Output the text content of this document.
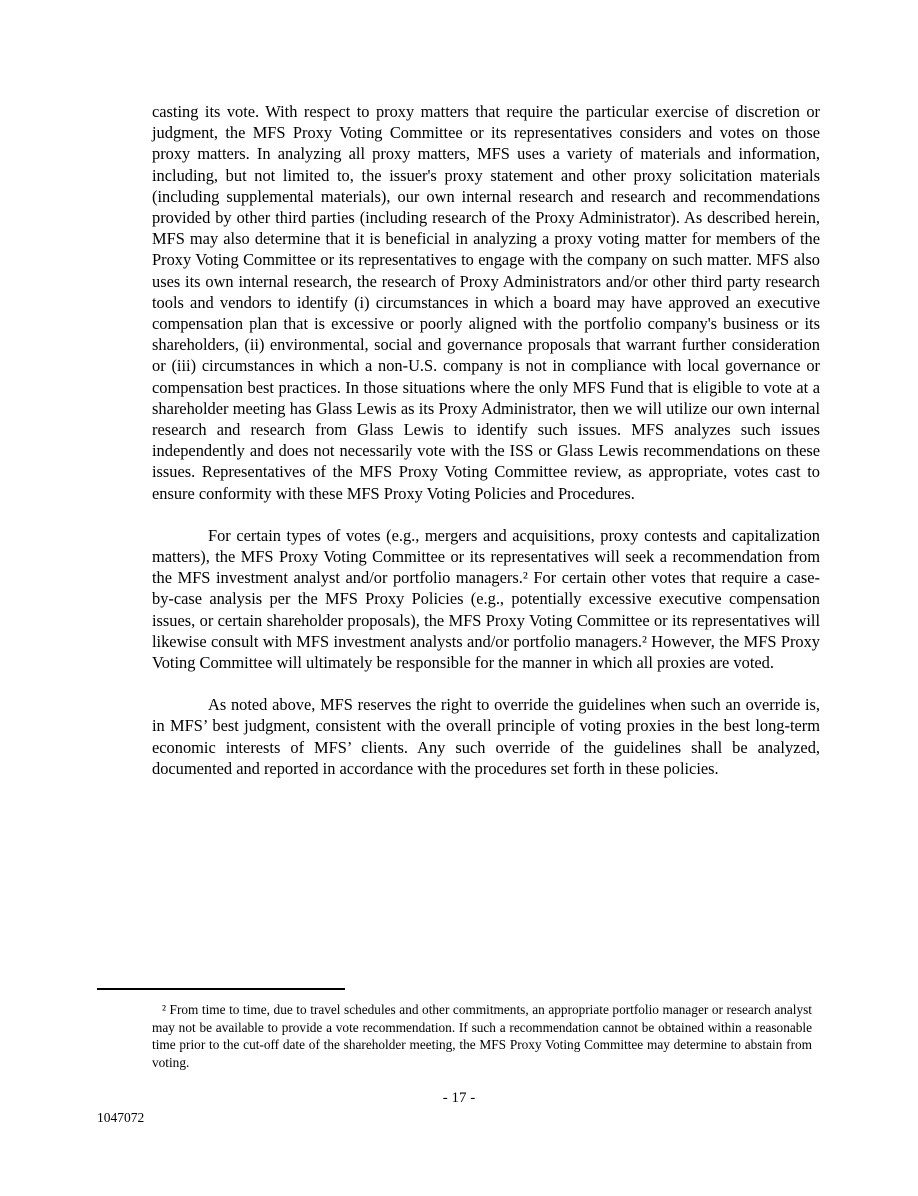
casting its vote. With respect to proxy matters that require the particular exercise of discretion or judgment, the MFS Proxy Voting Committee or its representatives considers and votes on those proxy matters. In analyzing all proxy matters, MFS uses a variety of materials and information, including, but not limited to, the issuer's proxy statement and other proxy solicitation materials (including supplemental materials), our own internal research and research and recommendations provided by other third parties (including research of the Proxy Administrator). As described herein, MFS may also determine that it is beneficial in analyzing a proxy voting matter for members of the Proxy Voting Committee or its representatives to engage with the company on such matter. MFS also uses its own internal research, the research of Proxy Administrators and/or other third party research tools and vendors to identify (i) circumstances in which a board may have approved an executive compensation plan that is excessive or poorly aligned with the portfolio company's business or its shareholders, (ii) environmental, social and governance proposals that warrant further consideration or (iii) circumstances in which a non-U.S. company is not in compliance with local governance or compensation best practices. In those situations where the only MFS Fund that is eligible to vote at a shareholder meeting has Glass Lewis as its Proxy Administrator, then we will utilize our own internal research and research from Glass Lewis to identify such issues. MFS analyzes such issues independently and does not necessarily vote with the ISS or Glass Lewis recommendations on these issues. Representatives of the MFS Proxy Voting Committee review, as appropriate, votes cast to ensure conformity with these MFS Proxy Voting Policies and Procedures.

For certain types of votes (e.g., mergers and acquisitions, proxy contests and capitalization matters), the MFS Proxy Voting Committee or its representatives will seek a recommendation from the MFS investment analyst and/or portfolio managers.² For certain other votes that require a case-by-case analysis per the MFS Proxy Policies (e.g., potentially excessive executive compensation issues, or certain shareholder proposals), the MFS Proxy Voting Committee or its representatives will likewise consult with MFS investment analysts and/or portfolio managers.² However, the MFS Proxy Voting Committee will ultimately be responsible for the manner in which all proxies are voted.

As noted above, MFS reserves the right to override the guidelines when such an override is, in MFS’ best judgment, consistent with the overall principle of voting proxies in the best long-term economic interests of MFS’ clients. Any such override of the guidelines shall be analyzed, documented and reported in accordance with the procedures set forth in these policies.

² From time to time, due to travel schedules and other commitments, an appropriate portfolio manager or research analyst may not be available to provide a vote recommendation. If such a recommendation cannot be obtained within a reasonable time prior to the cut-off date of the shareholder meeting, the MFS Proxy Voting Committee may determine to abstain from voting.

- 17 -
1047072
